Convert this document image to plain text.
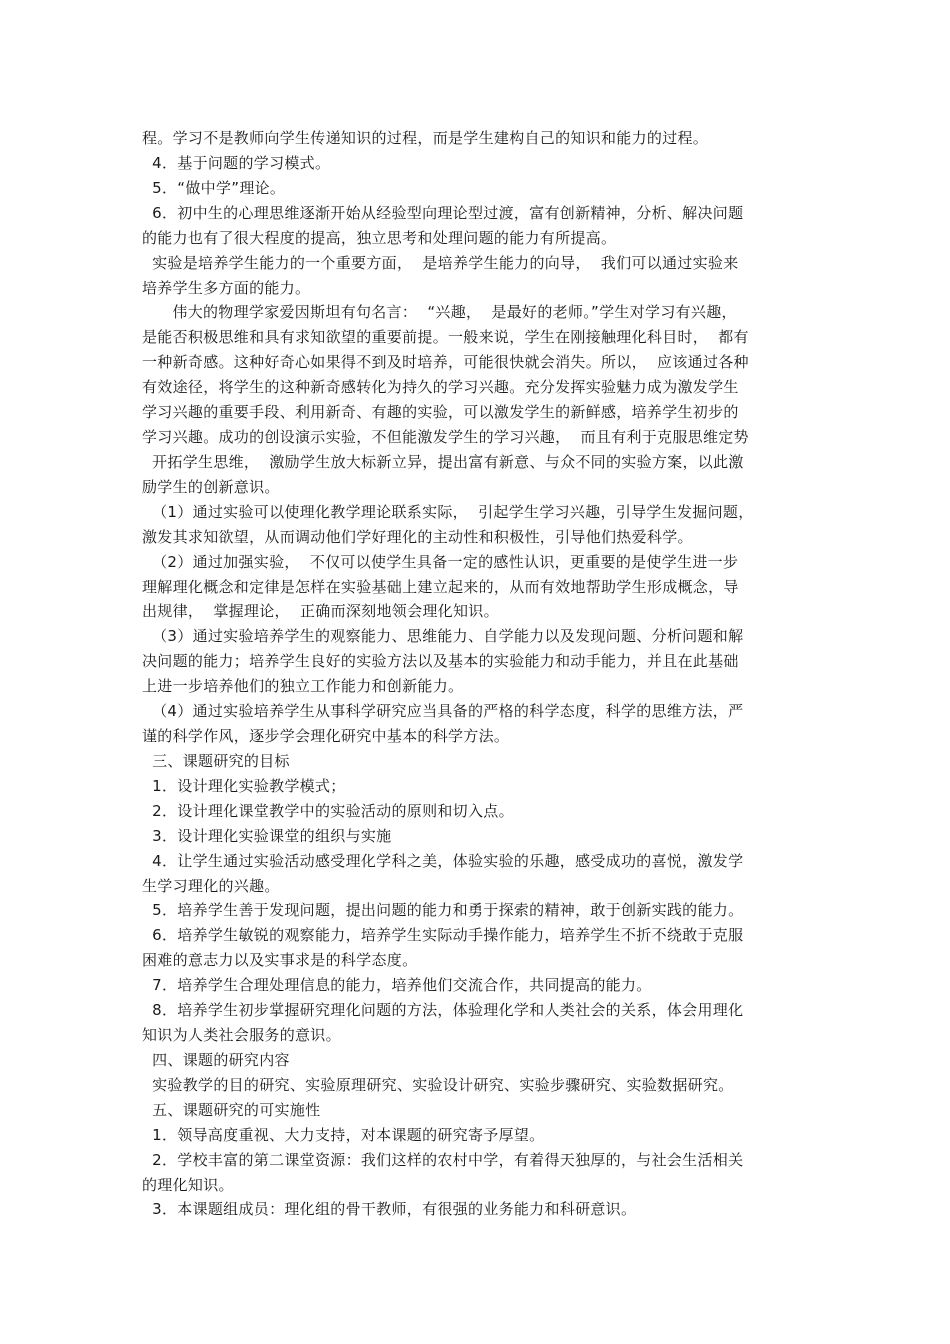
程。学习不是教师向学生传递知识的过程，而是学生建构自己的知识和能力的过程。
4．基于问题的学习模式。
5．“做中学”理论。
6．初中生的心理思维逐渐开始从经验型向理论型过渡，富有创新精神，分析、解决问题
的能力也有了很大程度的提高，独立思考和处理问题的能力有所提高。
实验是培养学生能力的一个重要方面，  是培养学生能力的向导，  我们可以通过实验来
培养学生多方面的能力。
伟大的物理学家爱因斯坦有句名言：  “兴趣，  是最好的老师。”学生对学习有兴趣，
是能否积极思维和具有求知欲望的重要前提。一般来说，学生在刚接触理化科目时，  都有
一种新奇感。这种好奇心如果得不到及时培养，可能很快就会消失。所以，  应该通过各种
有效途径，将学生的这种新奇感转化为持久的学习兴趣。充分发挥实验魅力成为激发学生
学习兴趣的重要手段、利用新奇、有趣的实验，可以激发学生的新鲜感，培养学生初步的
学习兴趣。成功的创设演示实验，不但能激发学生的学习兴趣，  而且有利于克服思维定势
开拓学生思维，  激励学生放大标新立异，提出富有新意、与众不同的实验方案，以此激
励学生的创新意识。
（1）通过实验可以使理化教学理论联系实际，  引起学生学习兴趣，引导学生发掘问题，
激发其求知欲望，从而调动他们学好理化的主动性和积极性，引导他们热爱科学。
（2）通过加强实验，  不仅可以使学生具备一定的感性认识，更重要的是使学生进一步
理解理化概念和定律是怎样在实验基础上建立起来的，从而有效地帮助学生形成概念，导
出规律，  掌握理论，  正确而深刻地领会理化知识。
（3）通过实验培养学生的观察能力、思维能力、自学能力以及发现问题、分析问题和解
决问题的能力；培养学生良好的实验方法以及基本的实验能力和动手能力，并且在此基础
上进一步培养他们的独立工作能力和创新能力。
（4）通过实验培养学生从事科学研究应当具备的严格的科学态度，科学的思维方法，严
谨的科学作风，逐步学会理化研究中基本的科学方法。
三、课题研究的目标
1．设计理化实验教学模式；
2．设计理化课堂教学中的实验活动的原则和切入点。
3．设计理化实验课堂的组织与实施
4．让学生通过实验活动感受理化学科之美，体验实验的乐趣，感受成功的喜悦，激发学
生学习理化的兴趣。
5．培养学生善于发现问题，提出问题的能力和勇于探索的精神，敢于创新实践的能力。
6．培养学生敏锐的观察能力，培养学生实际动手操作能力，培养学生不折不绕敢于克服
困难的意志力以及实事求是的科学态度。
7．培养学生合理处理信息的能力，培养他们交流合作，共同提高的能力。
8．培养学生初步掌握研究理化问题的方法，体验理化学和人类社会的关系，体会用理化
知识为人类社会服务的意识。
四、课题的研究内容
实验教学的目的研究、实验原理研究、实验设计研究、实验步骤研究、实验数据研究。
五、课题研究的可实施性
1．领导高度重视、大力支持，对本课题的研究寄予厚望。
2．学校丰富的第二课堂资源：我们这样的农村中学，有着得天独厚的，与社会生活相关
的理化知识。
3．本课题组成员：理化组的骨干教师，有很强的业务能力和科研意识。
